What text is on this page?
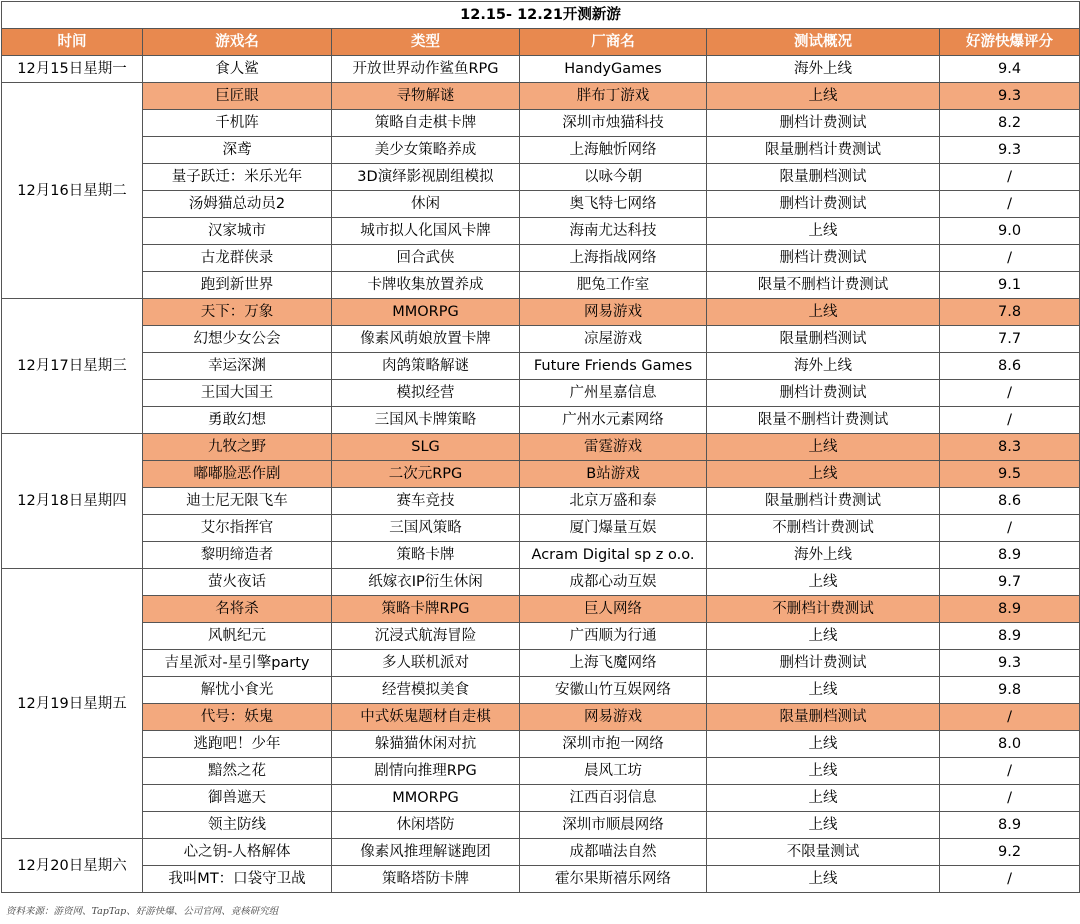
12.15- 12.21开测新游					
时间	游戏名	类型	厂商名	测试概况	好游快爆评分
12月15日星期一	食人鲨	开放世界动作鲨鱼RPG	HandyGames	海外上线	9.4
12月16日星期二	巨匠眼	寻物解谜	胖布丁游戏	上线	9.3
	千机阵	策略自走棋卡牌	深圳市烛猫科技	删档计费测试	8.2
	深鸢	美少女策略养成	上海触忻网络	限量删档计费测试	9.3
	量子跃迁：米乐光年	3D演绎影视剧组模拟	以咏今朝	限量删档测试	/
	汤姆猫总动员2	休闲	奥飞特七网络	删档计费测试	/
	汉家城市	城市拟人化国风卡牌	海南尤达科技	上线	9.0
	古龙群侠录	回合武侠	上海指战网络	删档计费测试	/
	跑到新世界	卡牌收集放置养成	肥兔工作室	限量不删档计费测试	9.1
12月17日星期三	天下：万象	MMORPG	网易游戏	上线	7.8
	幻想少女公会	像素风萌娘放置卡牌	凉屋游戏	限量删档测试	7.7
	幸运深渊	肉鸽策略解谜	Future Friends Games	海外上线	8.6
	王国大国王	模拟经营	广州星嘉信息	删档计费测试	/
	勇敢幻想	三国风卡牌策略	广州水元素网络	限量不删档计费测试	/
12月18日星期四	九牧之野	SLG	雷霆游戏	上线	8.3
	嘟嘟脸恶作剧	二次元RPG	B站游戏	上线	9.5
	迪士尼无限飞车	赛车竞技	北京万盛和泰	限量删档计费测试	8.6
	艾尔指挥官	三国风策略	厦门爆量互娱	不删档计费测试	/
	黎明缔造者	策略卡牌	Acram Digital sp z o.o.	海外上线	8.9
12月19日星期五	萤火夜话	纸嫁衣IP衍生休闲	成都心动互娱	上线	9.7
	名将杀	策略卡牌RPG	巨人网络	不删档计费测试	8.9
	风帆纪元	沉浸式航海冒险	广西顺为行通	上线	8.9
	吉星派对-星引擎party	多人联机派对	上海飞魔网络	删档计费测试	9.3
	解忧小食光	经营模拟美食	安徽山竹互娱网络	上线	9.8
	代号：妖鬼	中式妖鬼题材自走棋	网易游戏	限量删档测试	/
	逃跑吧！少年	躲猫猫休闲对抗	深圳市抱一网络	上线	8.0
	黯然之花	剧情向推理RPG	晨风工坊	上线	/
	御兽遮天	MMORPG	江西百羽信息	上线	/
	领主防线	休闲塔防	深圳市顺晨网络	上线	8.9
12月20日星期六	心之钥-人格解体	像素风推理解谜跑团	成都喵法自然	不限量测试	9.2
	我叫MT：口袋守卫战	策略塔防卡牌	霍尔果斯禧乐网络	上线	/
资料来源：游资网、TapTap、好游快爆、公司官网、竞核研究组
